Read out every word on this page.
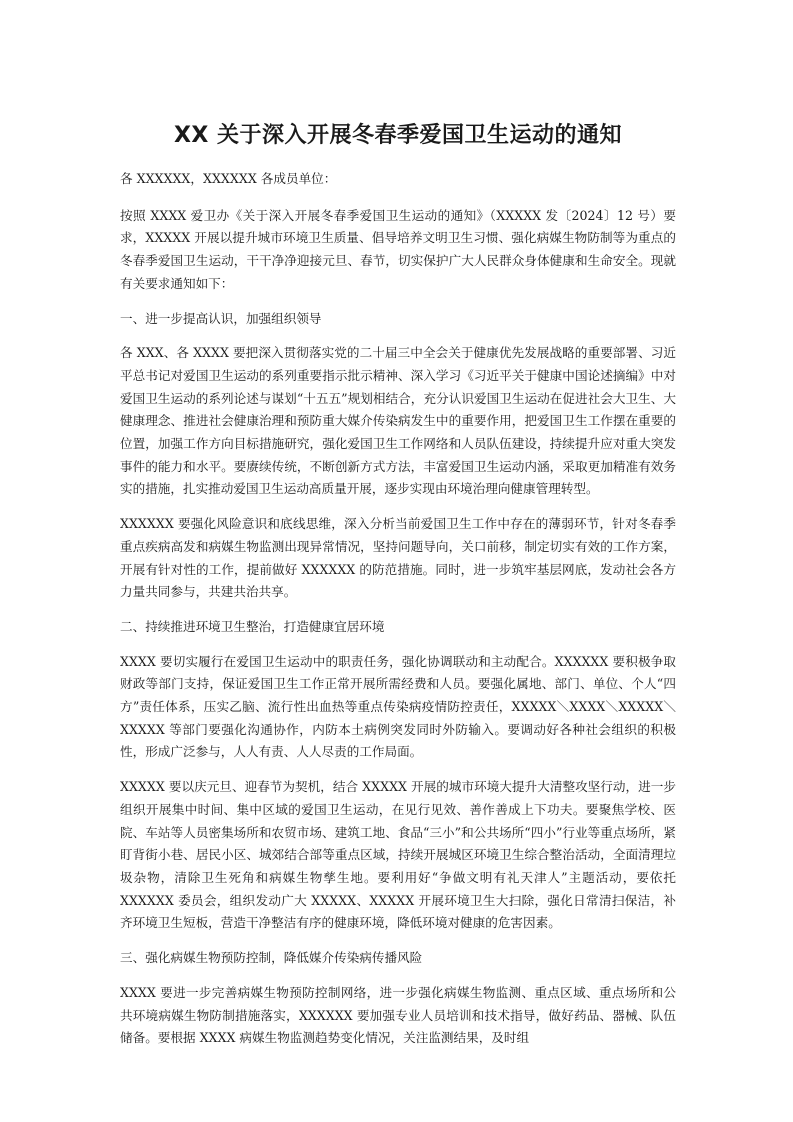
XX 关于深入开展冬春季爱国卫生运动的通知

各 XXXXXX，XXXXXX 各成员单位：

按照 XXXX 爱卫办《关于深入开展冬春季爱国卫生运动的通知》（XXXXX 发〔2024〕12 号）要求，XXXXX 开展以提升城市环境卫生质量、倡导培养文明卫生习惯、强化病媒生物防制等为重点的冬春季爱国卫生运动，干干净净迎接元旦、春节，切实保护广大人民群众身体健康和生命安全。现就有关要求通知如下：

一、进一步提高认识，加强组织领导

各 XXX、各 XXXX 要把深入贯彻落实党的二十届三中全会关于健康优先发展战略的重要部署、习近平总书记对爱国卫生运动的系列重要指示批示精神、深入学习《习近平关于健康中国论述摘编》中对爱国卫生运动的系列论述与谋划“十五五”规划相结合，充分认识爱国卫生运动在促进社会大卫生、大健康理念、推进社会健康治理和预防重大媒介传染病发生中的重要作用，把爱国卫生工作摆在重要的位置，加强工作方向目标措施研究，强化爱国卫生工作网络和人员队伍建设，持续提升应对重大突发事件的能力和水平。要赓续传统，不断创新方式方法，丰富爱国卫生运动内涵，采取更加精准有效务实的措施，扎实推动爱国卫生运动高质量开展，逐步实现由环境治理向健康管理转型。

XXXXXX 要强化风险意识和底线思维，深入分析当前爱国卫生工作中存在的薄弱环节，针对冬春季重点疾病高发和病媒生物监测出现异常情况，坚持问题导向，关口前移，制定切实有效的工作方案，开展有针对性的工作，提前做好 XXXXXX 的防范措施。同时，进一步筑牢基层网底，发动社会各方力量共同参与，共建共治共享。

二、持续推进环境卫生整治，打造健康宜居环境

XXXX 要切实履行在爱国卫生运动中的职责任务，强化协调联动和主动配合。XXXXXX 要积极争取财政等部门支持，保证爱国卫生工作正常开展所需经费和人员。要强化属地、部门、单位、个人“四方”责任体系，压实乙脑、流行性出血热等重点传染病疫情防控责任，XXXXX＼XXXX＼XXXXX＼XXXXX 等部门要强化沟通协作，内防本土病例突发同时外防输入。要调动好各种社会组织的积极性，形成广泛参与，人人有责、人人尽责的工作局面。

XXXXX 要以庆元旦、迎春节为契机，结合 XXXXX 开展的城市环境大提升大清整攻坚行动，进一步组织开展集中时间、集中区域的爱国卫生运动，在见行见效、善作善成上下功夫。要聚焦学校、医院、车站等人员密集场所和农贸市场、建筑工地、食品“三小”和公共场所“四小”行业等重点场所，紧盯背街小巷、居民小区、城郊结合部等重点区域，持续开展城区环境卫生综合整治活动，全面清理垃圾杂物，清除卫生死角和病媒生物孳生地。要利用好“争做文明有礼天津人”主题活动，要依托 XXXXXX 委员会，组织发动广大 XXXXX、XXXXX 开展环境卫生大扫除，强化日常清扫保洁，补齐环境卫生短板，营造干净整洁有序的健康环境，降低环境对健康的危害因素。

三、强化病媒生物预防控制，降低媒介传染病传播风险

XXXX 要进一步完善病媒生物预防控制网络，进一步强化病媒生物监测、重点区域、重点场所和公共环境病媒生物防制措施落实，XXXXXX 要加强专业人员培训和技术指导，做好药品、器械、队伍储备。要根据 XXXX 病媒生物监测趋势变化情况，关注监测结果，及时组
